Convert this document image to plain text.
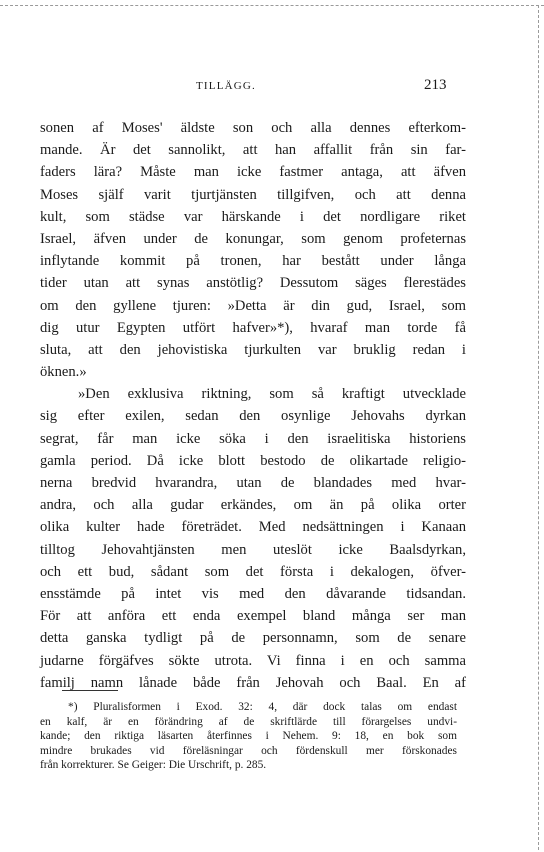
TILLÄGG.	213
sonen af Moses' äldste son och alla dennes efterkom-
mande. Är det sannolikt, att han affallit från sin far-
faders lära? Måste man icke fastmer antaga, att äfven
Moses själf varit tjurtjänsten tillgifven, och att denna
kult, som städse var härskande i det nordligare riket
Israel, äfven under de konungar, som genom profeternas
inflytande kommit på tronen, har bestått under långa
tider utan att synas anstötlig? Dessutom säges flerestädes
om den gyllene tjuren: »Detta är din gud, Israel, som
dig utur Egypten utfört hafver»*), hvaraf man torde få
sluta, att den jehovistiska tjurkulten var bruklig redan i
öknen.»
»Den exklusiva riktning, som så kraftigt utvecklade
sig efter exilen, sedan den osynlige Jehovahs dyrkan
segrat, får man icke söka i den israelitiska historiens
gamla period. Då icke blott bestodo de olikartade religio-
nerna bredvid hvarandra, utan de blandades med hvar-
andra, och alla gudar erkändes, om än på olika orter
olika kulter hade företrädet. Med nedsättningen i Kanaan
tilltog Jehovahtjänsten men uteslöt icke Baalsdyrkan,
och ett bud, sådant som det första i dekalogen, öfver-
ensstämde på intet vis med den dåvarande tidsandan.
För att anföra ett enda exempel bland många ser man
detta ganska tydligt på de personnamn, som de senare
judarne förgäfves sökte utrota. Vi finna i en och samma
familj namn lånade både från Jehovah och Baal. En af
*) Pluralisformen i Exod. 32: 4, där dock talas om endast
en kalf, är en förändring af de skriftlärde till förargelses undvi-
kande; den riktiga läsarten återfinnes i Nehem. 9: 18, en bok som
mindre brukades vid föreläsningar och fördenskull mer förskonades
från korrekturer. Se Geiger: Die Urschrift, p. 285.
